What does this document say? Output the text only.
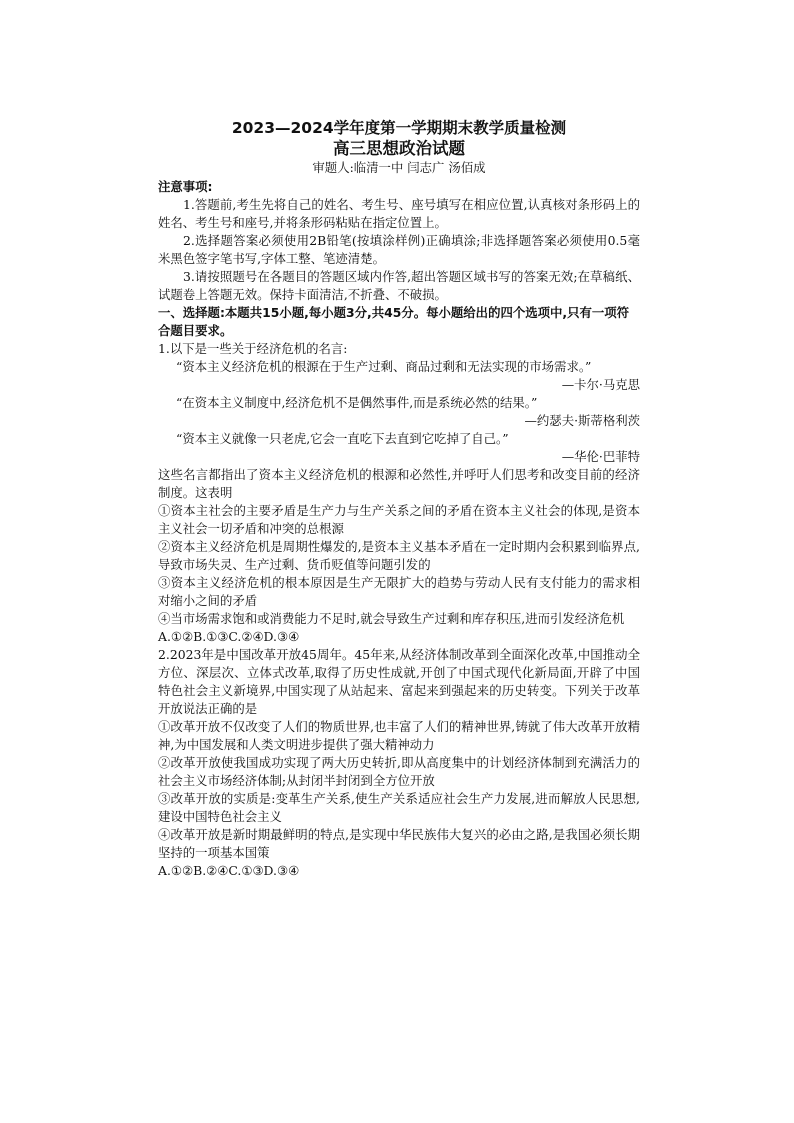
2023—2024学年度第一学期期末教学质量检测
高三思想政治试题
审题人:临清一中 闫志广 汤佰成
注意事项:

1.答题前,考生先将自己的姓名、考生号、座号填写在相应位置,认真核对条形码上的姓名、考生号和座号,并将条形码粘贴在指定位置上。

2.选择题答案必须使用2B铅笔(按填涂样例)正确填涂;非选择题答案必须使用0.5毫米黑色签字笔书写,字体工整、笔迹清楚。

3.请按照题号在各题目的答题区域内作答,超出答题区域书写的答案无效;在草稿纸、试题卷上答题无效。保持卡面清洁,不折叠、不破损。

一、选择题:本题共15小题,每小题3分,共45分。每小题给出的四个选项中,只有一项符合题目要求。

1.以下是一些关于经济危机的名言:

“资本主义经济危机的根源在于生产过剩、商品过剩和无法实现的市场需求。”

—卡尔·马克思

“在资本主义制度中,经济危机不是偶然事件,而是系统必然的结果。”

—约瑟夫·斯蒂格利茨

“资本主义就像一只老虎,它会一直吃下去直到它吃掉了自己。”

—华伦·巴菲特

这些名言都指出了资本主义经济危机的根源和必然性,并呼吁人们思考和改变目前的经济制度。这表明

①资本主社会的主要矛盾是生产力与生产关系之间的矛盾在资本主义社会的体现,是资本主义社会一切矛盾和冲突的总根源

②资本主义经济危机是周期性爆发的,是资本主义基本矛盾在一定时期内会积累到临界点,导致市场失灵、生产过剩、货币贬值等问题引发的

③资本主义经济危机的根本原因是生产无限扩大的趋势与劳动人民有支付能力的需求相对缩小之间的矛盾

④当市场需求饱和或消费能力不足时,就会导致生产过剩和库存积压,进而引发经济危机

A.①②B.①③C.②④D.③④

2.2023年是中国改革开放45周年。45年来,从经济体制改革到全面深化改革,中国推动全方位、深层次、立体式改革,取得了历史性成就,开创了中国式现代化新局面,开辟了中国特色社会主义新境界,中国实现了从站起来、富起来到强起来的历史转变。下列关于改革开放说法正确的是

①改革开放不仅改变了人们的物质世界,也丰富了人们的精神世界,铸就了伟大改革开放精神,为中国发展和人类文明进步提供了强大精神动力

②改革开放使我国成功实现了两大历史转折,即从高度集中的计划经济体制到充满活力的社会主义市场经济体制;从封闭半封闭到全方位开放

③改革开放的实质是:变革生产关系,使生产关系适应社会生产力发展,进而解放人民思想,建设中国特色社会主义

④改革开放是新时期最鲜明的特点,是实现中华民族伟大复兴的必由之路,是我国必须长期坚持的一项基本国策

A.①②B.②④C.①③D.③④
